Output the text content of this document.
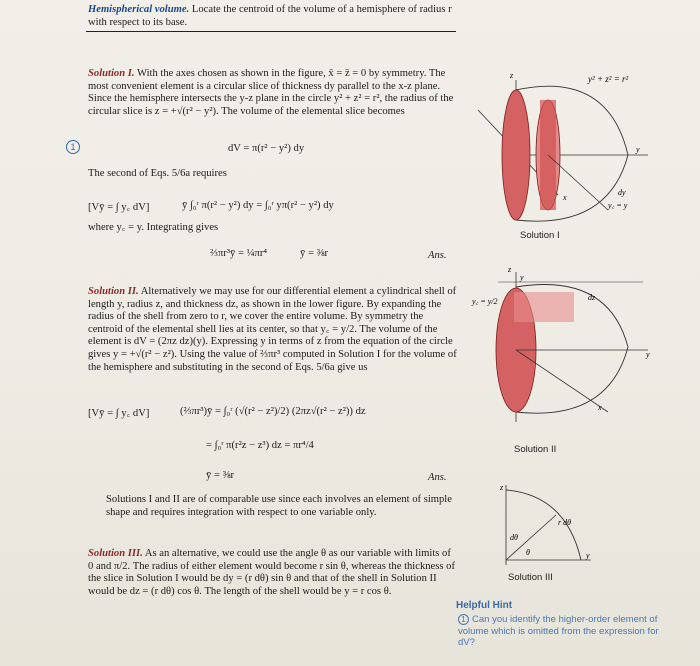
Hemispherical volume. Locate the centroid of the volume of a hemisphere of radius r with respect to its base.
Solution I. With the axes chosen as shown in the figure, x̄ = z̄ = 0 by symmetry. The most convenient element is a circular slice of thickness dy parallel to the x-z plane. Since the hemisphere intersects the y-z plane in the circle y² + z² = r², the radius of the circular slice is z = +√(r² − y²). The volume of the elemental slice becomes
1	dV = π(r² − y²) dy
The second of Eqs. 5/6a requires
[Vȳ = ∫ y꜀ dV]	ȳ ∫₀ʳ π(r² − y²) dy = ∫₀ʳ yπ(r² − y²) dy
where y꜀ = y. Integrating gives
⅔πr³ȳ = ¼πr⁴	ȳ = ⅜r	Ans.
Solution II. Alternatively we may use for our differential element a cylindrical shell of length y, radius z, and thickness dz, as shown in the lower figure. By expanding the radius of the shell from zero to r, we cover the entire volume. By symmetry the centroid of the elemental shell lies at its center, so that y꜀ = y/2. The volume of the element is dV = (2πz dz)(y). Expressing y in terms of z from the equation of the circle gives y = +√(r² − z²). Using the value of ⅔πr³ computed in Solution I for the volume of the hemisphere and substituting in the second of Eqs. 5/6a give us
[Vȳ = ∫ y꜀ dV]	(⅔πr³)ȳ = ∫₀ʳ (√(r² − z²)/2) (2πz√(r² − z²)) dz
= ∫₀ʳ π(r²z − z³) dz = πr⁴/4
ȳ = ⅜r	Ans.
Solutions I and II are of comparable use since each involves an element of simple shape and requires integration with respect to one variable only.
Solution III. As an alternative, we could use the angle θ as our variable with limits of 0 and π/2. The radius of either element would become r sin θ, whereas the thickness of the slice in Solution I would be dy = (r dθ) sin θ and that of the shell in Solution II would be dz = (r dθ) cos θ. The length of the shell would be y = r cos θ.
z	y² + z² = r²
y
x
dy
y꜀ = y
Solution I
z
y
y꜀ = y/2	dz
y
x
Solution II
z
r dθ
dθ
θ	y
Solution III
Helpful Hint
1 Can you identify the higher-order element of volume which is omitted from the expression for dV?
